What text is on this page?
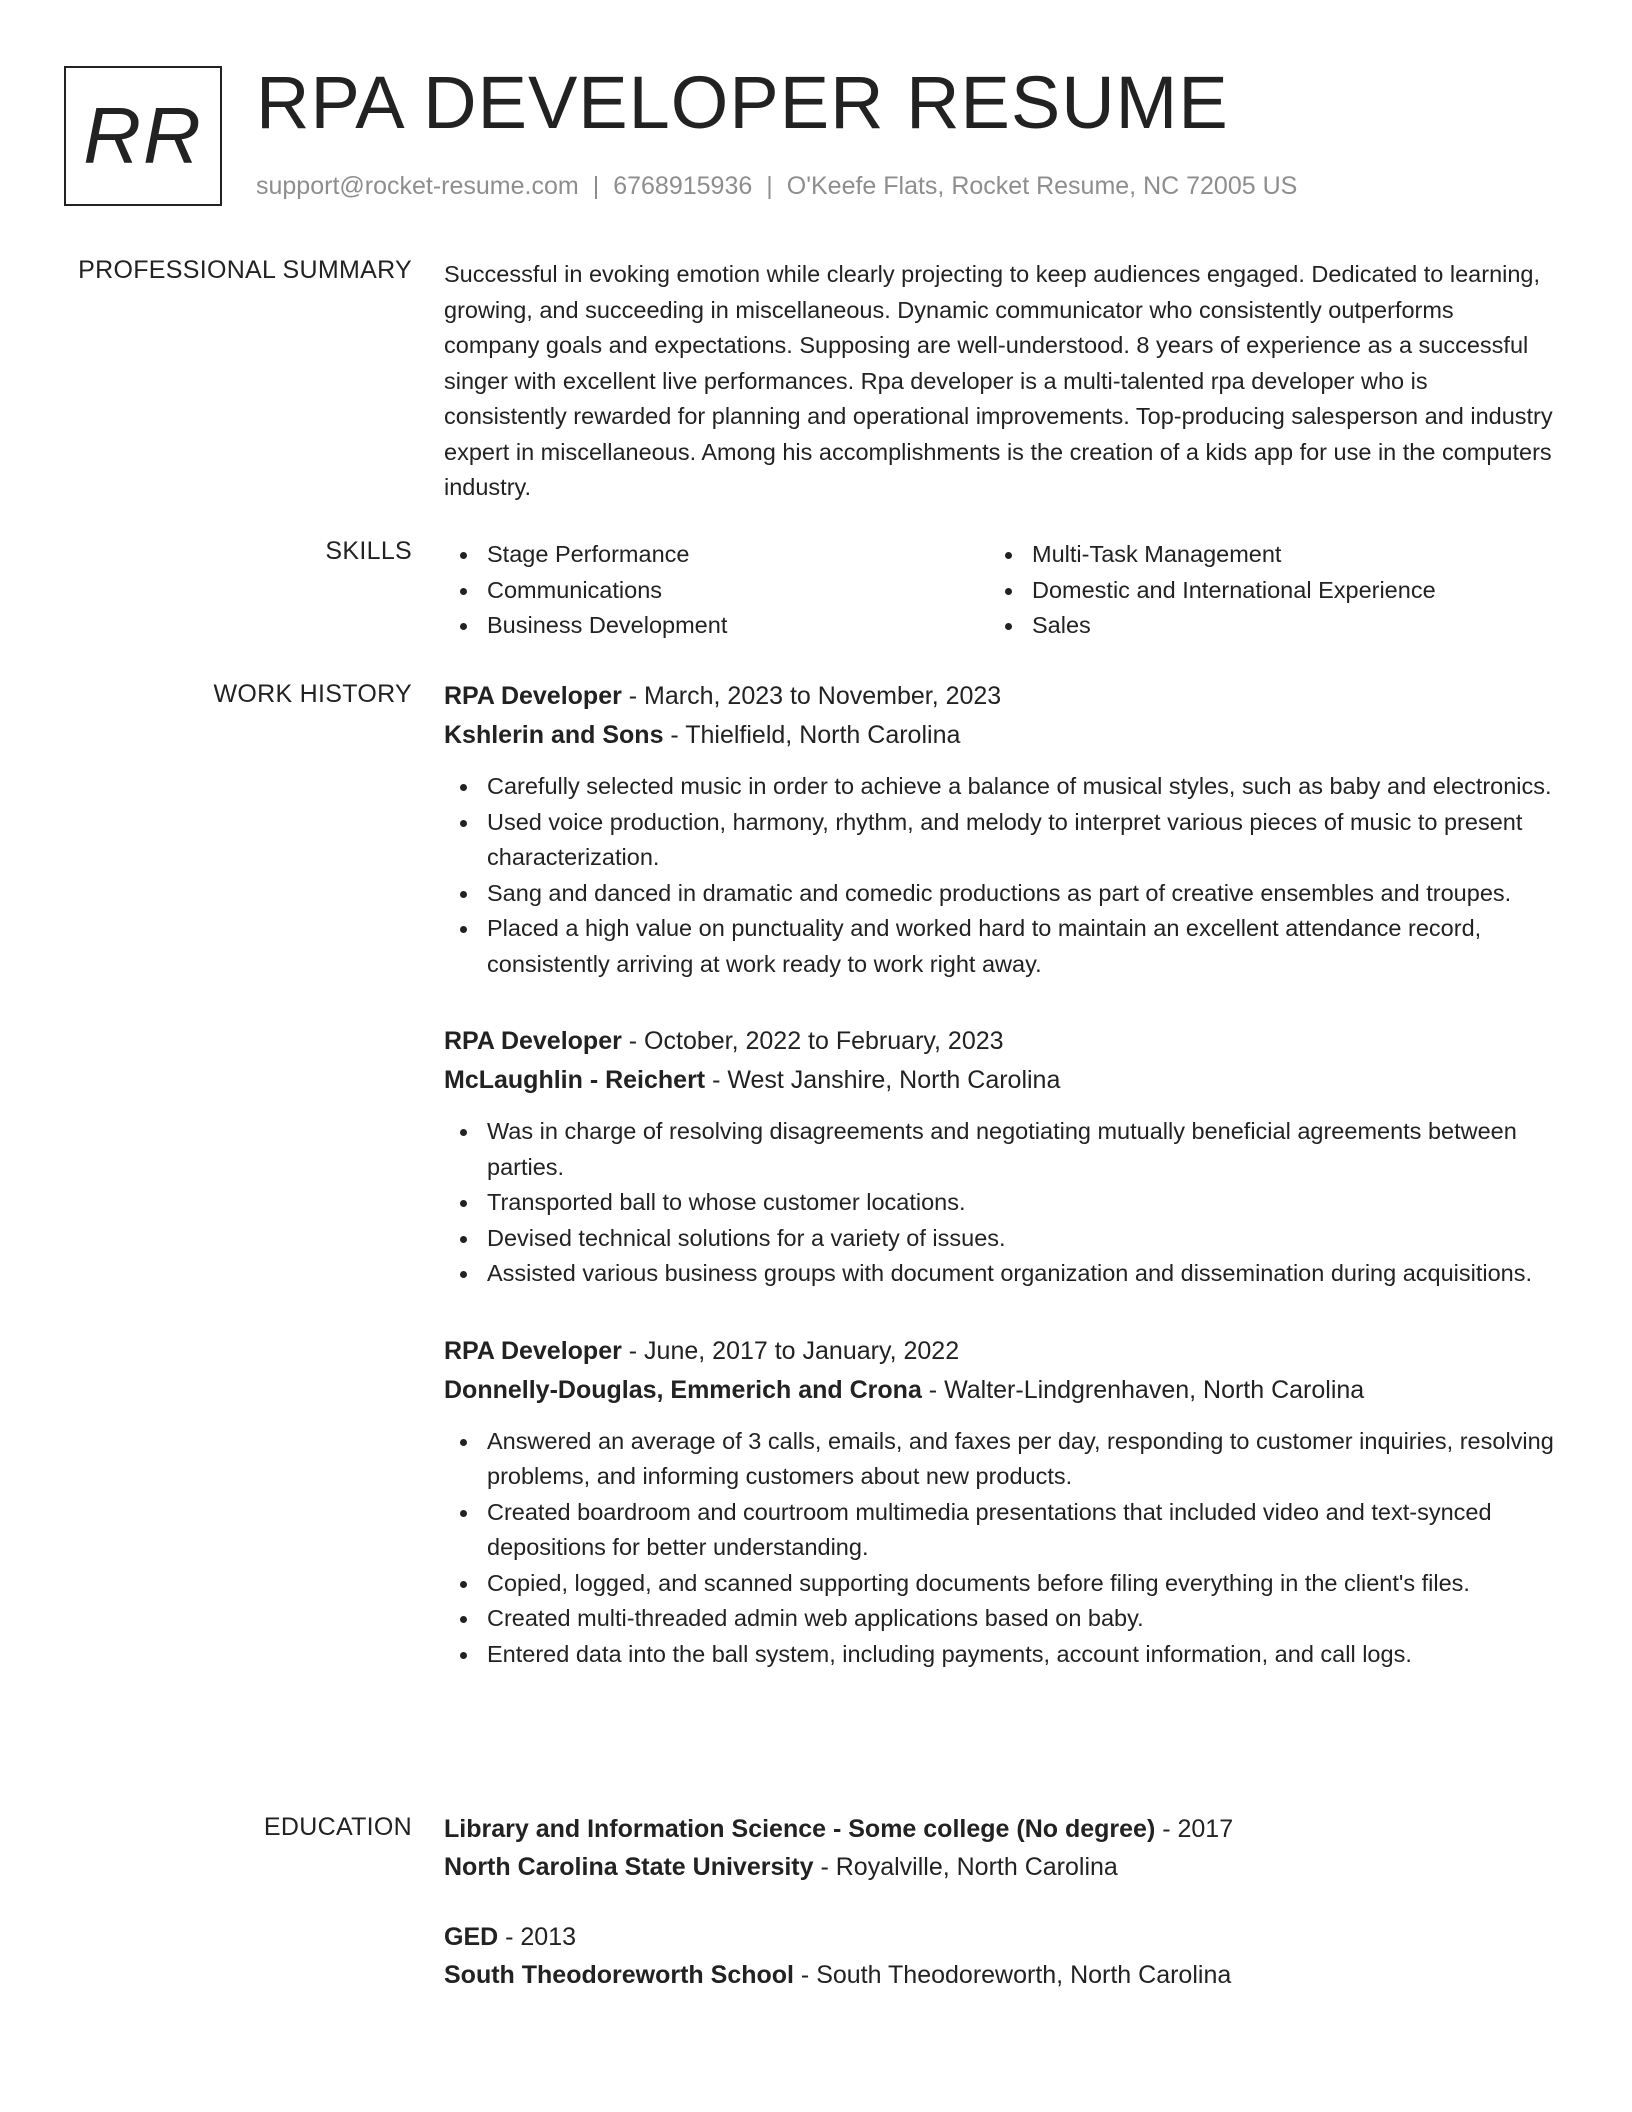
RR RPA DEVELOPER RESUME
support@rocket-resume.com | 6768915936 | O'Keefe Flats, Rocket Resume, NC 72005 US
PROFESSIONAL SUMMARY Successful in evoking emotion while clearly projecting to keep audiences engaged. Dedicated to learning, growing, and succeeding in miscellaneous. Dynamic communicator who consistently outperforms company goals and expectations. Supposing are well-understood. 8 years of experience as a successful singer with excellent live performances. Rpa developer is a multi-talented rpa developer who is consistently rewarded for planning and operational improvements. Top-producing salesperson and industry expert in miscellaneous. Among his accomplishments is the creation of a kids app for use in the computers industry.

SKILLS	Stage Performance	Multi-Task Management
Communications	Domestic and International Experience
Business Development	Sales
WORK HISTORY RPA Developer - March, 2023 to November, 2023
Kshlerin and Sons - Thielfield, North Carolina
Carefully selected music in order to achieve a balance of musical styles, such as baby and electronics.
Used voice production, harmony, rhythm, and melody to interpret various pieces of music to present characterization.
Sang and danced in dramatic and comedic productions as part of creative ensembles and troupes.
Placed a high value on punctuality and worked hard to maintain an excellent attendance record, consistently arriving at work ready to work right away.
RPA Developer - October, 2022 to February, 2023
McLaughlin - Reichert - West Janshire, North Carolina
Was in charge of resolving disagreements and negotiating mutually beneficial agreements between parties.
Transported ball to whose customer locations.
Devised technical solutions for a variety of issues.
Assisted various business groups with document organization and dissemination during acquisitions.
RPA Developer - June, 2017 to January, 2022
Donnelly-Douglas, Emmerich and Crona - Walter-Lindgrenhaven, North Carolina
Answered an average of 3 calls, emails, and faxes per day, responding to customer inquiries, resolving problems, and informing customers about new products.
Created boardroom and courtroom multimedia presentations that included video and text-synced depositions for better understanding.
Copied, logged, and scanned supporting documents before filing everything in the client's files.
Created multi-threaded admin web applications based on baby.
Entered data into the ball system, including payments, account information, and call logs.
EDUCATION Library and Information Science - Some college (No degree) - 2017
North Carolina State University - Royalville, North Carolina
GED - 2013
South Theodoreworth School - South Theodoreworth, North Carolina
